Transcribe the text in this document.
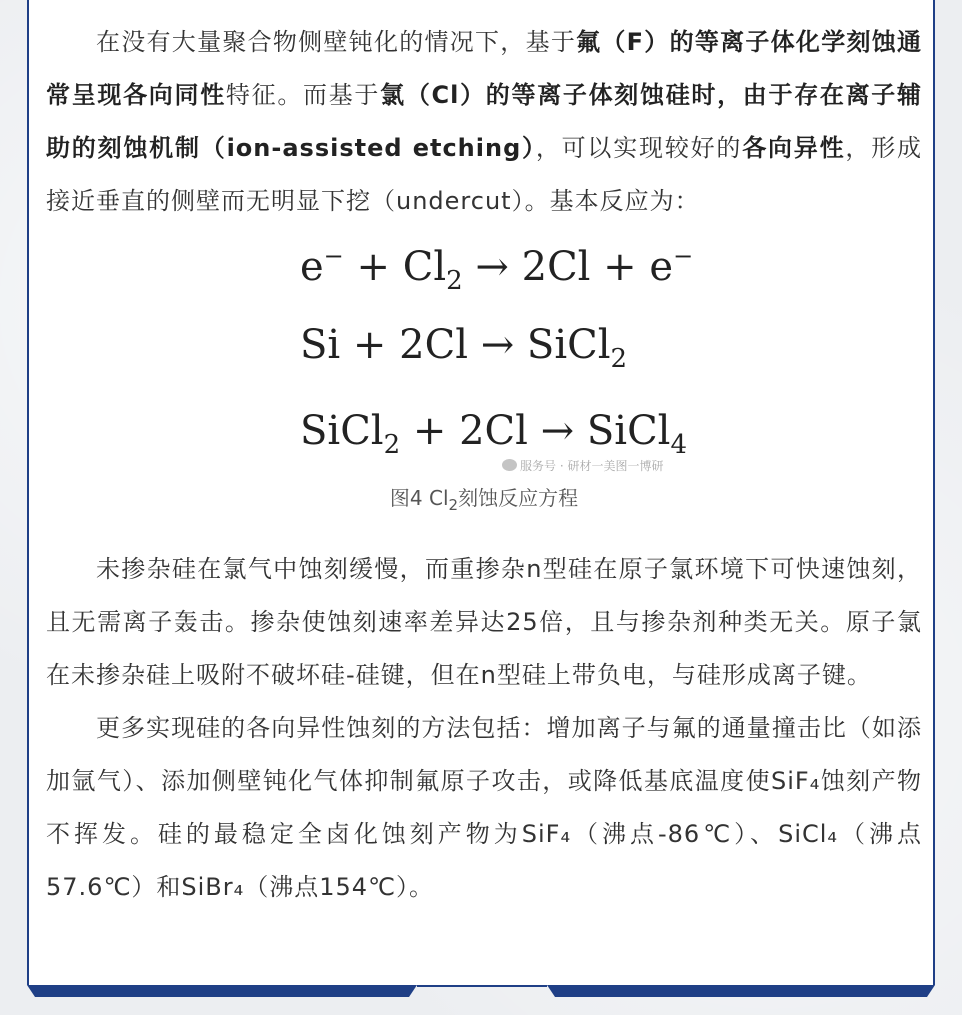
在没有大量聚合物侧壁钝化的情况下，基于氟（F）的等离子体化学刻蚀通常呈现各向同性特征。而基于氯（Cl）的等离子体刻蚀硅时，由于存在离子辅助的刻蚀机制（ion-assisted etching），可以实现较好的各向异性，形成接近垂直的侧壁而无明显下挖（undercut）。基本反应为：

$e^- + Cl_2 \to 2Cl + e^-$
Si + 2Cl → SiCl$_2$
SiCl$_2$ + 2Cl → SiCl$_4$
服务号 · 研材一美图一博研
图4 $Cl_2$刻蚀反应方程

未掺杂硅在氯气中蚀刻缓慢，而重掺杂n型硅在原子氯环境下可快速蚀刻，且无需离子轰击。掺杂使蚀刻速率差异达25倍，且与掺杂剂种类无关。原子氯在未掺杂硅上吸附不破坏硅-硅键，但在n型硅上带负电，与硅形成离子键。

更多实现硅的各向异性蚀刻的方法包括：增加离子与氟的通量撞击比（如添加氩气）、添加侧壁钝化气体抑制氟原子攻击，或降低基底温度使SiF₄蚀刻产物不挥发。硅的最稳定全卤化蚀刻产物为SiF₄（沸点-86℃）、SiCl₄（沸点57.6℃）和SiBr₄（沸点154℃）。
